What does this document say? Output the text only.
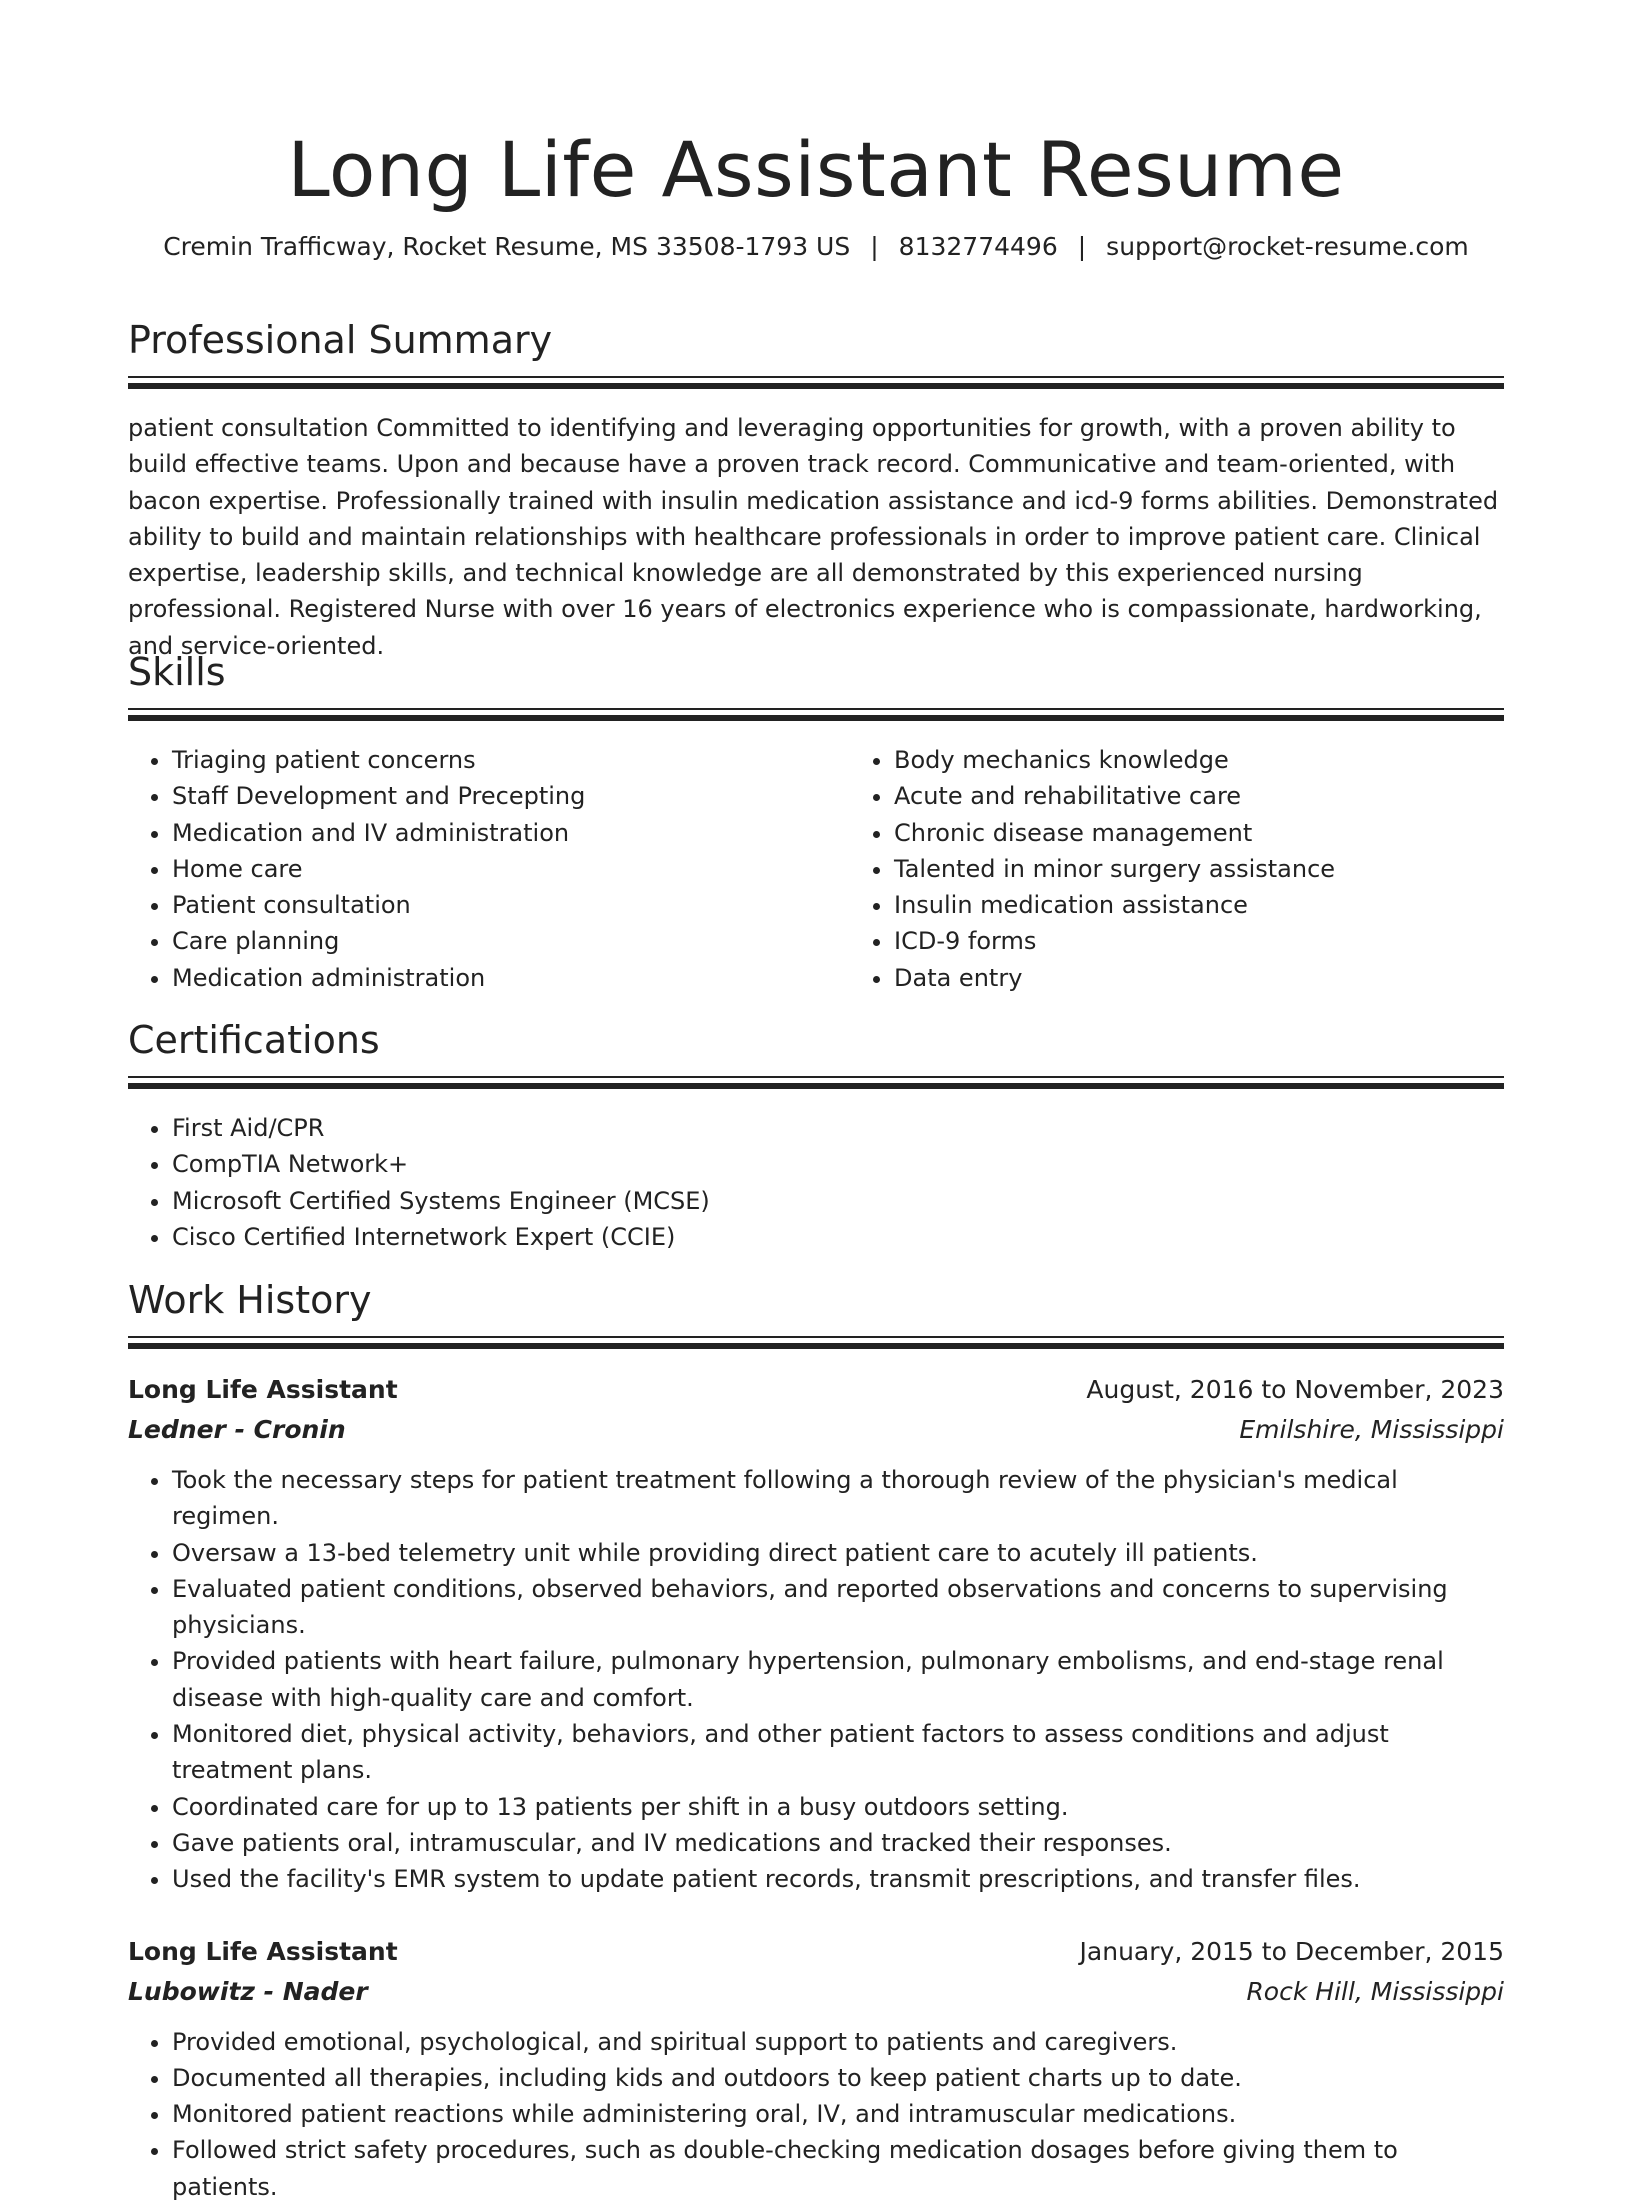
Long Life Assistant Resume
Cremin Trafficway, Rocket Resume, MS 33508-1793 US | 8132774496 | support@rocket-resume.com
Professional Summary

patient consultation Committed to identifying and leveraging opportunities for growth, with a proven ability to build effective teams. Upon and because have a proven track record. Communicative and team-oriented, with bacon expertise. Professionally trained with insulin medication assistance and icd-9 forms abilities. Demonstrated ability to build and maintain relationships with healthcare professionals in order to improve patient care. Clinical expertise, leadership skills, and technical knowledge are all demonstrated by this experienced nursing professional. Registered Nurse with over 16 years of electronics experience who is compassionate, hardworking, and service-oriented.

Skills
• Triaging patient concerns
• Staff Development and Precepting
• Medication and IV administration
• Home care
• Patient consultation
• Care planning
• Medication administration
• Body mechanics knowledge
• Acute and rehabilitative care
• Chronic disease management
• Talented in minor surgery assistance
• Insulin medication assistance
• ICD-9 forms
• Data entry
Certifications
• First Aid/CPR
• CompTIA Network+
• Microsoft Certified Systems Engineer (MCSE)
• Cisco Certified Internetwork Expert (CCIE)
Work History
Long Life Assistant	August, 2016 to November, 2023
Ledner - Cronin	Emilshire, Mississippi
• Took the necessary steps for patient treatment following a thorough review of the physician's medical regimen.
• Oversaw a 13-bed telemetry unit while providing direct patient care to acutely ill patients.
• Evaluated patient conditions, observed behaviors, and reported observations and concerns to supervising physicians.
• Provided patients with heart failure, pulmonary hypertension, pulmonary embolisms, and end-stage renal disease with high-quality care and comfort.
• Monitored diet, physical activity, behaviors, and other patient factors to assess conditions and adjust treatment plans.
• Coordinated care for up to 13 patients per shift in a busy outdoors setting.
• Gave patients oral, intramuscular, and IV medications and tracked their responses.
• Used the facility's EMR system to update patient records, transmit prescriptions, and transfer files.
Long Life Assistant	January, 2015 to December, 2015
Lubowitz - Nader	Rock Hill, Mississippi
• Provided emotional, psychological, and spiritual support to patients and caregivers.
• Documented all therapies, including kids and outdoors to keep patient charts up to date.
• Monitored patient reactions while administering oral, IV, and intramuscular medications.
• Followed strict safety procedures, such as double-checking medication dosages before giving them to patients.
